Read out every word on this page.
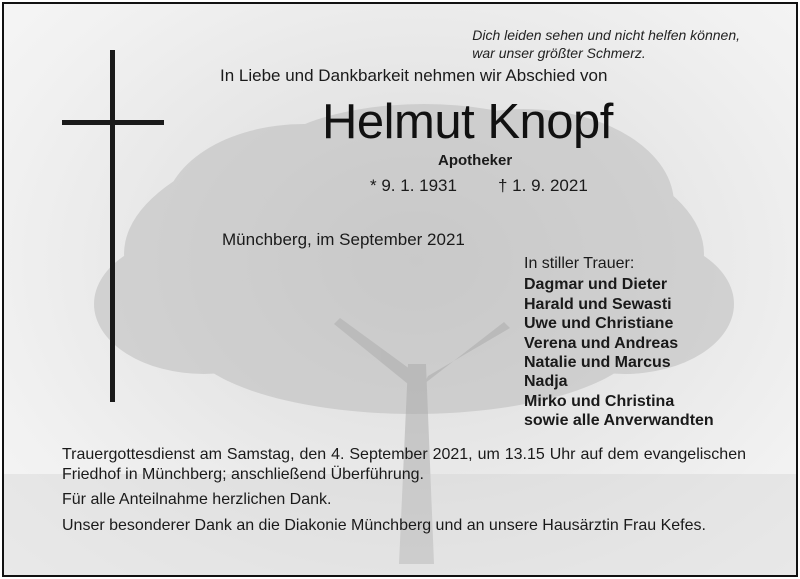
Dich leiden sehen und nicht helfen können,
war unser größter Schmerz.
In Liebe und Dankbarkeit nehmen wir Abschied von
Helmut Knopf
Apotheker
* 9. 1. 1931 † 1. 9. 2021
Münchberg, im September 2021
In stiller Trauer:
Dagmar und Dieter
Harald und Sewasti
Uwe und Christiane
Verena und Andreas
Natalie und Marcus
Nadja
Mirko und Christina
sowie alle Anverwandten

Trauergottesdienst am Samstag, den 4. September 2021, um 13.15 Uhr auf dem evangelischen Friedhof in Münchberg; anschließend Überführung.

Für alle Anteilnahme herzlichen Dank.

Unser besonderer Dank an die Diakonie Münchberg und an unsere Hausärztin Frau Kefes.
